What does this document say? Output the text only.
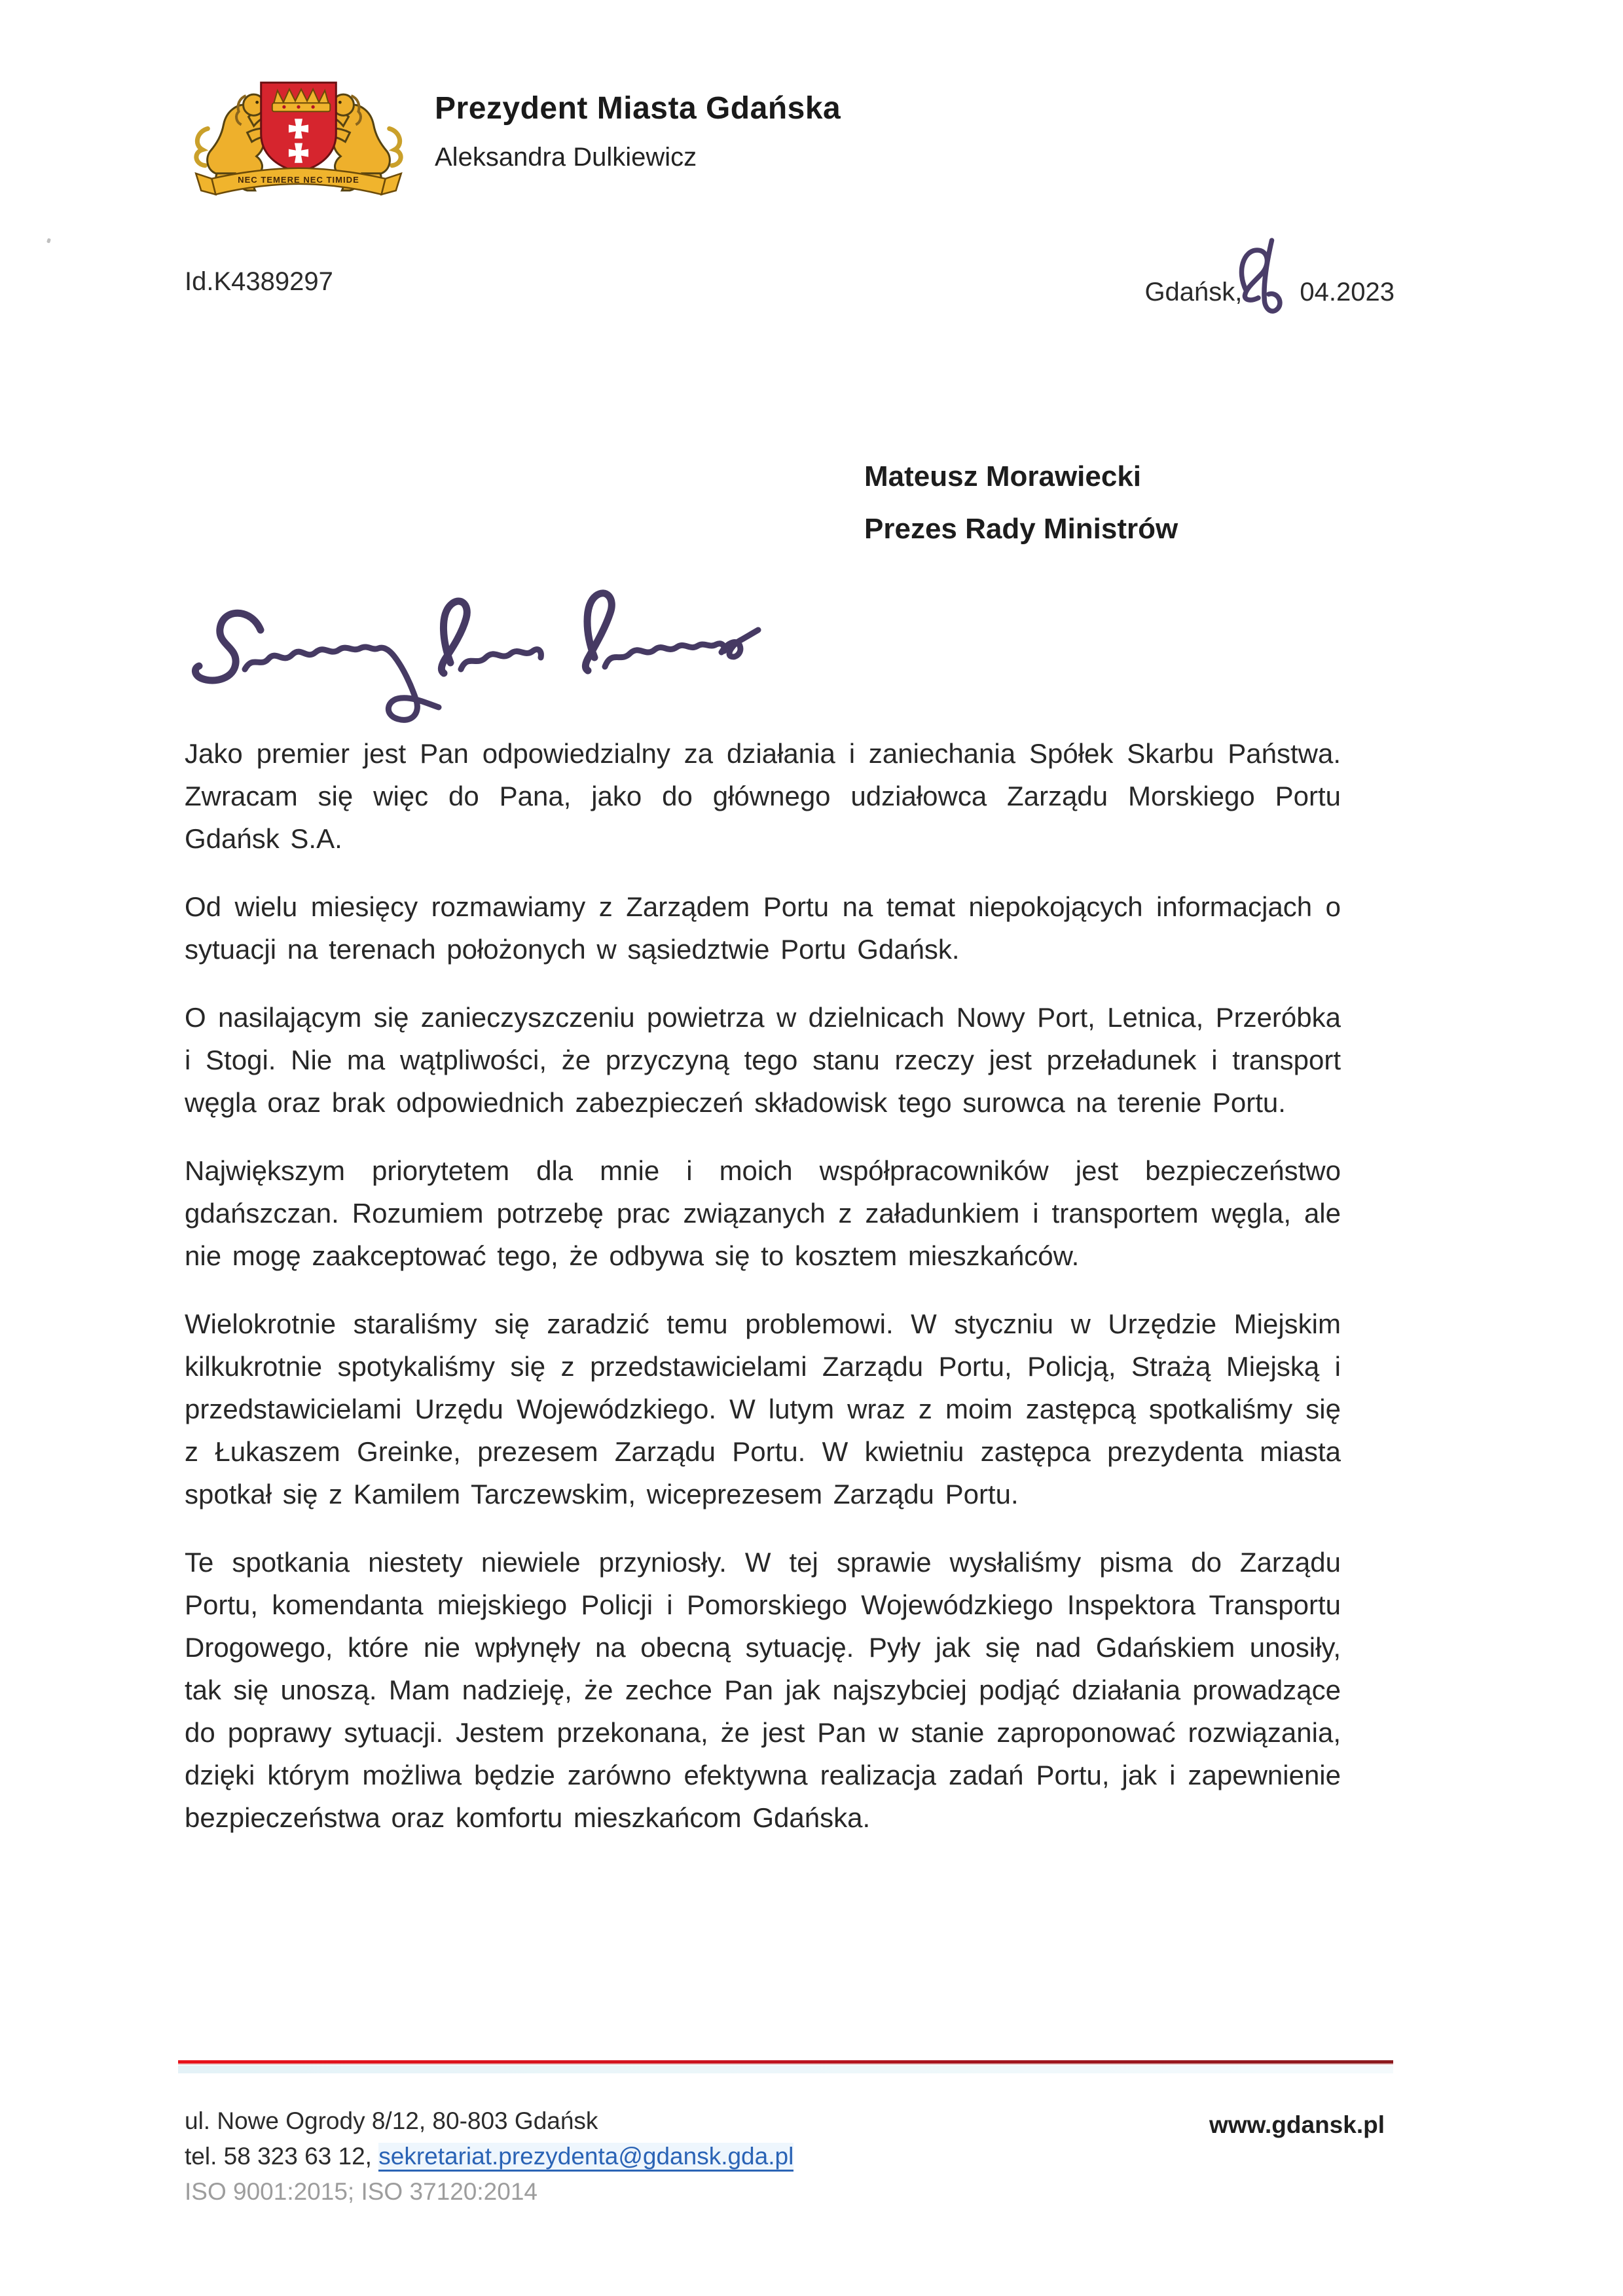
NEC TEMERE NEC TIMIDE
Prezydent Miasta Gdańska
Aleksandra Dulkiewicz
Id.K4389297	Gdańsk, 04.2023
Mateusz Morawiecki
Prezes Rady Ministrów

Jako premier jest Pan odpowiedzialny za działania i zaniechania Spółek Skarbu Państwa. Zwracam się więc do Pana, jako do głównego udziałowca Zarządu Morskiego Portu Gdańsk S.A.

Od wielu miesięcy rozmawiamy z Zarządem Portu na temat niepokojących informacjach o sytuacji na terenach położonych w sąsiedztwie Portu Gdańsk.

O nasilającym się zanieczyszczeniu powietrza w dzielnicach Nowy Port, Letnica, Przeróbka i Stogi. Nie ma wątpliwości, że przyczyną tego stanu rzeczy jest przeładunek i transport węgla oraz brak odpowiednich zabezpieczeń składowisk tego surowca na terenie Portu.

Największym priorytetem dla mnie i moich współpracowników jest bezpieczeństwo gdańszczan. Rozumiem potrzebę prac związanych z załadunkiem i transportem węgla, ale nie mogę zaakceptować tego, że odbywa się to kosztem mieszkańców.

Wielokrotnie staraliśmy się zaradzić temu problemowi. W styczniu w Urzędzie Miejskim kilkukrotnie spotykaliśmy się z przedstawicielami Zarządu Portu, Policją, Strażą Miejską i przedstawicielami Urzędu Wojewódzkiego. W lutym wraz z moim zastępcą spotkaliśmy się z Łukaszem Greinke, prezesem Zarządu Portu. W kwietniu zastępca prezydenta miasta spotkał się z Kamilem Tarczewskim, wiceprezesem Zarządu Portu.

Te spotkania niestety niewiele przyniosły. W tej sprawie wysłaliśmy pisma do Zarządu Portu, komendanta miejskiego Policji i Pomorskiego Wojewódzkiego Inspektora Transportu Drogowego, które nie wpłynęły na obecną sytuację. Pyły jak się nad Gdańskiem unosiły, tak się unoszą. Mam nadzieję, że zechce Pan jak najszybciej podjąć działania prowadzące do poprawy sytuacji. Jestem przekonana, że jest Pan w stanie zaproponować rozwiązania, dzięki którym możliwa będzie zarówno efektywna realizacja zadań Portu, jak i zapewnienie bezpieczeństwa oraz komfortu mieszkańcom Gdańska.

ul. Nowe Ogrody 8/12, 80-803 Gdańsk
tel. 58 323 63 12, sekretariat.prezydenta@gdansk.gda.pl
ISO 9001:2015; ISO 37120:2014
www.gdansk.pl
